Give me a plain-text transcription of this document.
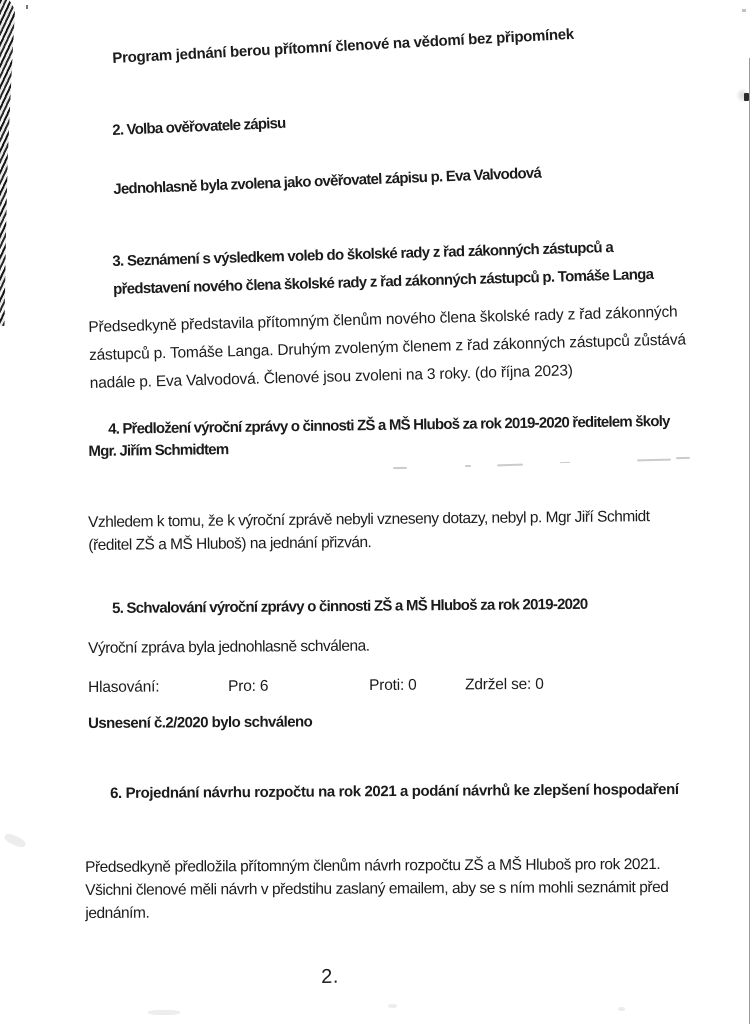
Program jednání berou přítomní členové na vědomí bez připomínek
2. Volba ověřovatele zápisu
Jednohlasně byla zvolena jako ověřovatel zápisu p. Eva Valvodová
3. Seznámení s výsledkem voleb do školské rady z řad zákonných zástupců a
představení nového člena školské rady z řad zákonných zástupců p. Tomáše Langa
Předsedkyně představila přítomným členům nového člena školské rady z řad zákonných
zástupců p. Tomáše Langa. Druhým zvoleným členem z řad zákonných zástupců zůstává
nadále p. Eva Valvodová. Členové jsou zvoleni na 3 roky. (do října 2023)
4. Předložení výroční zprávy o činnosti ZŠ a MŠ Hluboš za rok 2019-2020 ředitelem školy
Mgr. Jiřím Schmidtem
Vzhledem k tomu, že k výroční zprávě nebyli vzneseny dotazy, nebyl p. Mgr Jiří Schmidt
(ředitel ZŠ a MŠ Hluboš) na jednání přizván.
5. Schvalování výroční zprávy o činnosti ZŠ a MŠ Hluboš za rok 2019-2020
Výroční zpráva byla jednohlasně schválena.
Hlasování:	Pro: 6	Proti: 0	Zdržel se: 0
Usnesení č.2/2020 bylo schváleno
6. Projednání návrhu rozpočtu na rok 2021 a podání návrhů ke zlepšení hospodaření
Předsedkyně předložila přítomným členům návrh rozpočtu ZŠ a MŠ Hluboš pro rok 2021.
Všichni členové měli návrh v předstihu zaslaný emailem, aby se s ním mohli seznámit před
jednáním.
2.
